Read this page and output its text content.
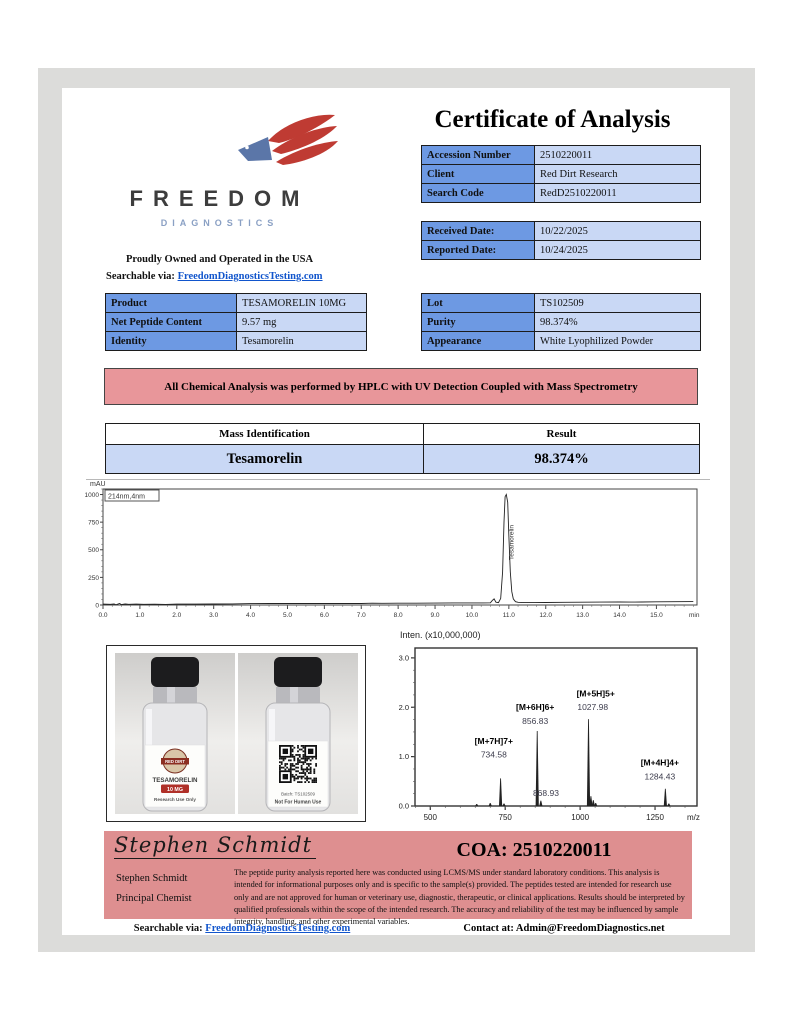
FREEDOM
DIAGNOSTICS
Proudly Owned and Operated in the USA
Searchable via: FreedomDiagnosticsTesting.com
Certificate of Analysis
Accession Number	2510220011
Client	Red Dirt Research
Search Code	RedD2510220011
Received Date:	10/22/2025
Reported Date:	10/24/2025
Product	TESAMORELIN 10MG
Net Peptide Content	9.57 mg
Identity	Tesamorelin
Lot	TS102509
Purity	98.374%
Appearance	White Lyophilized Powder
All Chemical Analysis was performed by HPLC with UV Detection Coupled with Mass Spectrometry
Mass Identification	Result
Tesamorelin	98.374%
mAU
0
250
500
750
1000
0.0	1.0	2.0	3.0	4.0	5.0	6.0	7.0	8.0	9.0	10.0	11.0	12.0	13.0	14.0	15.0	min
214nm,4nm
Tesamorelin
RED DIRT
TESAMORELIN
10 MG
Research Use Only
Batch: TS102509
Not For Human Use
Inten. (x10,000,000)
0.0
1.0
2.0
3.0
500	750	1000	1250	m/z
[M+7H]7+
734.58
[M+6H]6+
856.83
[M+5H]5+
1027.98
[M+4H]4+
1284.43
868.93
Stephen Schmidt	COA: 2510220011
Stephen Schmidt
Principal Chemist
The peptide purity analysis reported here was conducted using LCMS/MS under standard laboratory conditions. This analysis is intended for informational purposes only and is specific to the sample(s) provided. The peptides tested are intended for research use only and are not approved for human or veterinary use, diagnostic, therapeutic, or clinical applications. Results should be interpreted by qualified professionals within the scope of the intended research. The accuracy and reliability of the test may be influenced by sample integrity, handling, and other experimental variables.
Searchable via: FreedomDiagnosticsTesting.com	Contact at: Admin@FreedomDiagnostics.net
